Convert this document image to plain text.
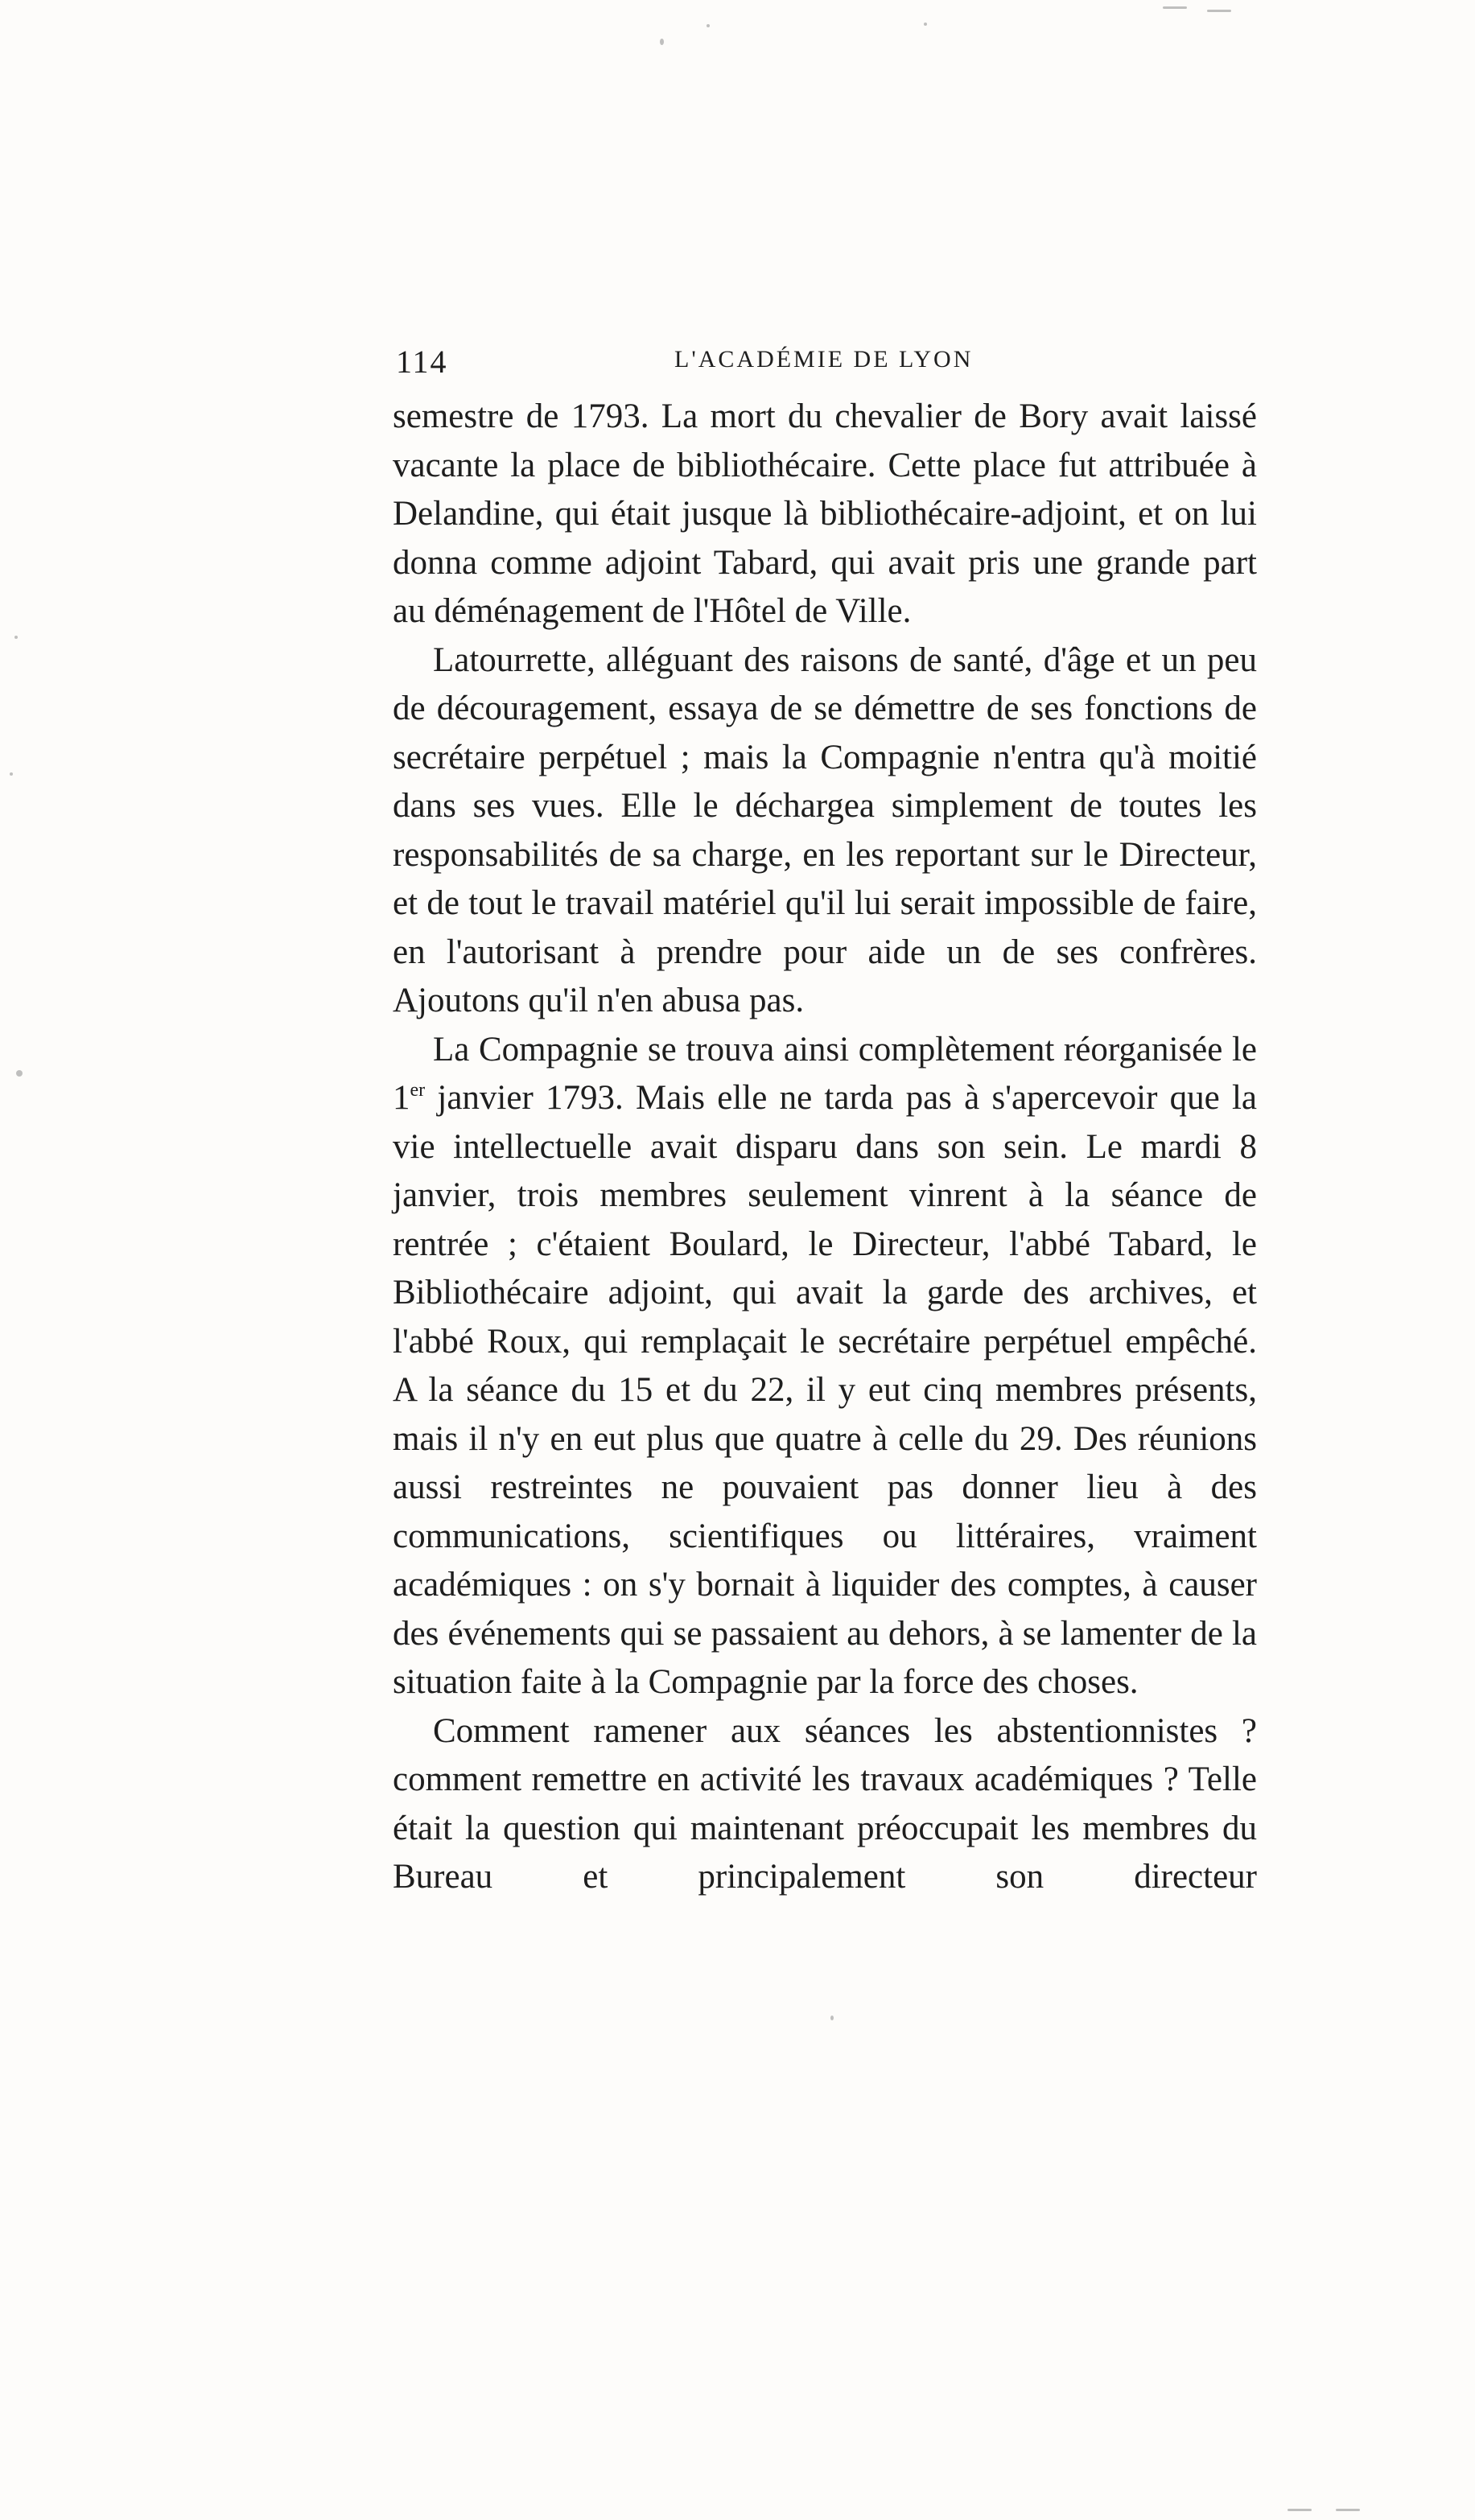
114	L'ACADÉMIE DE LYON

semestre de 1793. La mort du chevalier de Bory avait laissé vacante la place de bibliothécaire. Cette place fut attribuée à Delandine, qui était jusque là bibliothécaire-adjoint, et on lui donna comme adjoint Tabard, qui avait pris une grande part au déménagement de l'Hôtel de Ville.

Latourrette, alléguant des raisons de santé, d'âge et un peu de découragement, essaya de se démettre de ses fonctions de secrétaire perpétuel ; mais la Compagnie n'entra qu'à moitié dans ses vues. Elle le déchargea simplement de toutes les responsabilités de sa charge, en les reportant sur le Directeur, et de tout le travail matériel qu'il lui serait impossible de faire, en l'autorisant à prendre pour aide un de ses confrères. Ajoutons qu'il n'en abusa pas.

La Compagnie se trouva ainsi complètement réorganisée le 1er janvier 1793. Mais elle ne tarda pas à s'apercevoir que la vie intellectuelle avait disparu dans son sein. Le mardi 8 janvier, trois membres seulement vinrent à la séance de rentrée ; c'étaient Boulard, le Directeur, l'abbé Tabard, le Bibliothécaire adjoint, qui avait la garde des archives, et l'abbé Roux, qui remplaçait le secrétaire perpétuel empêché. A la séance du 15 et du 22, il y eut cinq membres présents, mais il n'y en eut plus que quatre à celle du 29. Des réunions aussi restreintes ne pouvaient pas donner lieu à des communications, scientifiques ou littéraires, vraiment académiques : on s'y bornait à liquider des comptes, à causer des événements qui se passaient au dehors, à se lamenter de la situation faite à la Compagnie par la force des choses.

Comment ramener aux séances les abstentionnistes ? comment remettre en activité les travaux académiques ? Telle était la question qui maintenant préoccupait les membres du Bureau et principalement son directeur
